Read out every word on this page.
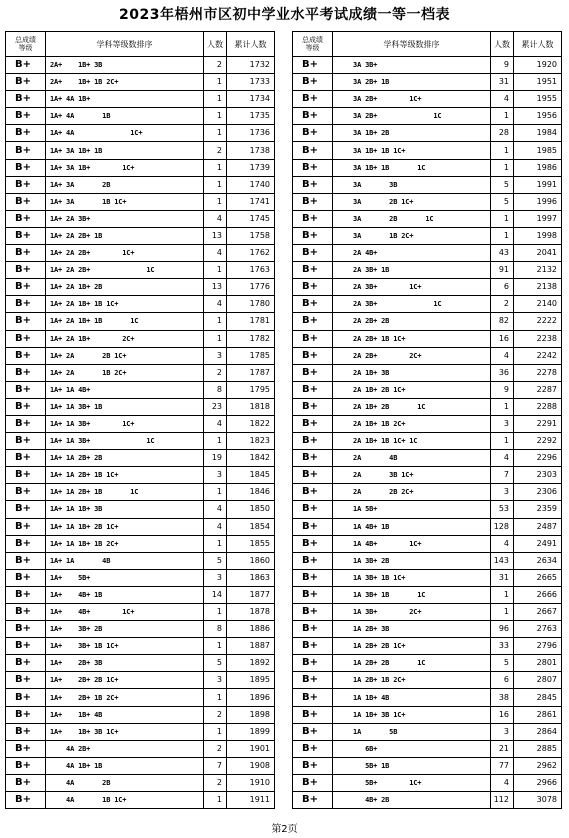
2023年梧州市区初中学业水平考试成绩一等一档表
总成绩
等级	学科等级数排序	人数	累计人数
B+	2A+    1B+ 3B	2	1732
B+	2A+    1B+ 1B 2C+	1	1733
B+	1A+ 4A 1B+	1	1734
B+	1A+ 4A       1B	1	1735
B+	1A+ 4A              1C+	1	1736
B+	1A+ 3A 1B+ 1B	2	1738
B+	1A+ 3A 1B+        1C+	1	1739
B+	1A+ 3A       2B	1	1740
B+	1A+ 3A       1B 1C+	1	1741
B+	1A+ 2A 3B+	4	1745
B+	1A+ 2A 2B+ 1B	13	1758
B+	1A+ 2A 2B+        1C+	4	1762
B+	1A+ 2A 2B+              1C	1	1763
B+	1A+ 2A 1B+ 2B	13	1776
B+	1A+ 2A 1B+ 1B 1C+	4	1780
B+	1A+ 2A 1B+ 1B       1C	1	1781
B+	1A+ 2A 1B+        2C+	1	1782
B+	1A+ 2A       2B 1C+	3	1785
B+	1A+ 2A       1B 2C+	2	1787
B+	1A+ 1A 4B+	8	1795
B+	1A+ 1A 3B+ 1B	23	1818
B+	1A+ 1A 3B+        1C+	4	1822
B+	1A+ 1A 3B+              1C	1	1823
B+	1A+ 1A 2B+ 2B	19	1842
B+	1A+ 1A 2B+ 1B 1C+	3	1845
B+	1A+ 1A 2B+ 1B       1C	1	1846
B+	1A+ 1A 1B+ 3B	4	1850
B+	1A+ 1A 1B+ 2B 1C+	4	1854
B+	1A+ 1A 1B+ 1B 2C+	1	1855
B+	1A+ 1A       4B	5	1860
B+	1A+    5B+	3	1863
B+	1A+    4B+ 1B	14	1877
B+	1A+    4B+        1C+	1	1878
B+	1A+    3B+ 2B	8	1886
B+	1A+    3B+ 1B 1C+	1	1887
B+	1A+    2B+ 3B	5	1892
B+	1A+    2B+ 2B 1C+	3	1895
B+	1A+    2B+ 1B 2C+	1	1896
B+	1A+    1B+ 4B	2	1898
B+	1A+    1B+ 3B 1C+	1	1899
B+	4A 2B+	2	1901
B+	4A 1B+ 1B	7	1908
B+	4A       2B	2	1910
B+	4A       1B 1C+	1	1911
总成绩
等级	学科等级数排序	人数	累计人数
B+	3A 3B+	9	1920
B+	3A 2B+ 1B	31	1951
B+	3A 2B+        1C+	4	1955
B+	3A 2B+              1C	1	1956
B+	3A 1B+ 2B	28	1984
B+	3A 1B+ 1B 1C+	1	1985
B+	3A 1B+ 1B       1C	1	1986
B+	3A       3B	5	1991
B+	3A       2B 1C+	5	1996
B+	3A       2B       1C	1	1997
B+	3A       1B 2C+	1	1998
B+	2A 4B+	43	2041
B+	2A 3B+ 1B	91	2132
B+	2A 3B+        1C+	6	2138
B+	2A 3B+              1C	2	2140
B+	2A 2B+ 2B	82	2222
B+	2A 2B+ 1B 1C+	16	2238
B+	2A 2B+        2C+	4	2242
B+	2A 1B+ 3B	36	2278
B+	2A 1B+ 2B 1C+	9	2287
B+	2A 1B+ 2B       1C	1	2288
B+	2A 1B+ 1B 2C+	3	2291
B+	2A 1B+ 1B 1C+ 1C	1	2292
B+	2A       4B	4	2296
B+	2A       3B 1C+	7	2303
B+	2A       2B 2C+	3	2306
B+	1A 5B+	53	2359
B+	1A 4B+ 1B	128	2487
B+	1A 4B+        1C+	4	2491
B+	1A 3B+ 2B	143	2634
B+	1A 3B+ 1B 1C+	31	2665
B+	1A 3B+ 1B       1C	1	2666
B+	1A 3B+        2C+	1	2667
B+	1A 2B+ 3B	96	2763
B+	1A 2B+ 2B 1C+	33	2796
B+	1A 2B+ 2B       1C	5	2801
B+	1A 2B+ 1B 2C+	6	2807
B+	1A 1B+ 4B	38	2845
B+	1A 1B+ 3B 1C+	16	2861
B+	1A       5B	3	2864
B+	6B+	21	2885
B+	5B+ 1B	77	2962
B+	5B+        1C+	4	2966
B+	4B+ 2B	112	3078
第2页
